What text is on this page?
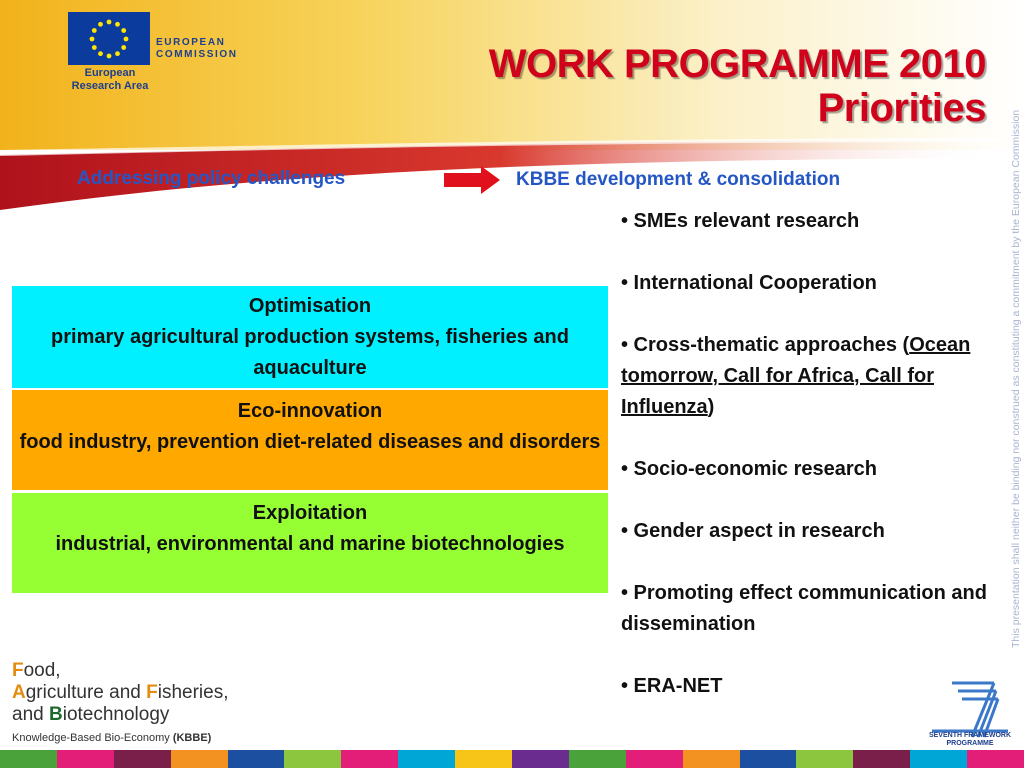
EUROPEAN
COMMISSION
European
Research Area	WORK PROGRAMME 2010
Priorities
This presentation shall neither be binding nor construed as constituting a commitment by the European Commission
Addressing policy challenges	KBBE development & consolidation
Optimisation
primary agricultural production systems, fisheries and aquaculture
Eco-innovation
food industry, prevention diet-related diseases and disorders
Exploitation
industrial, environmental and marine biotechnologies
• SMEs relevant research
• International Cooperation
• Cross-thematic approaches (Ocean tomorrow, Call for Africa, Call for Influenza)
• Socio-economic research
• Gender aspect in research
• Promoting effect communication and dissemination
• ERA-NET
Food,
Agriculture and Fisheries,
and Biotechnology
Knowledge-Based Bio-Economy (KBBE)	SEVENTH FRAMEWORK
PROGRAMME
